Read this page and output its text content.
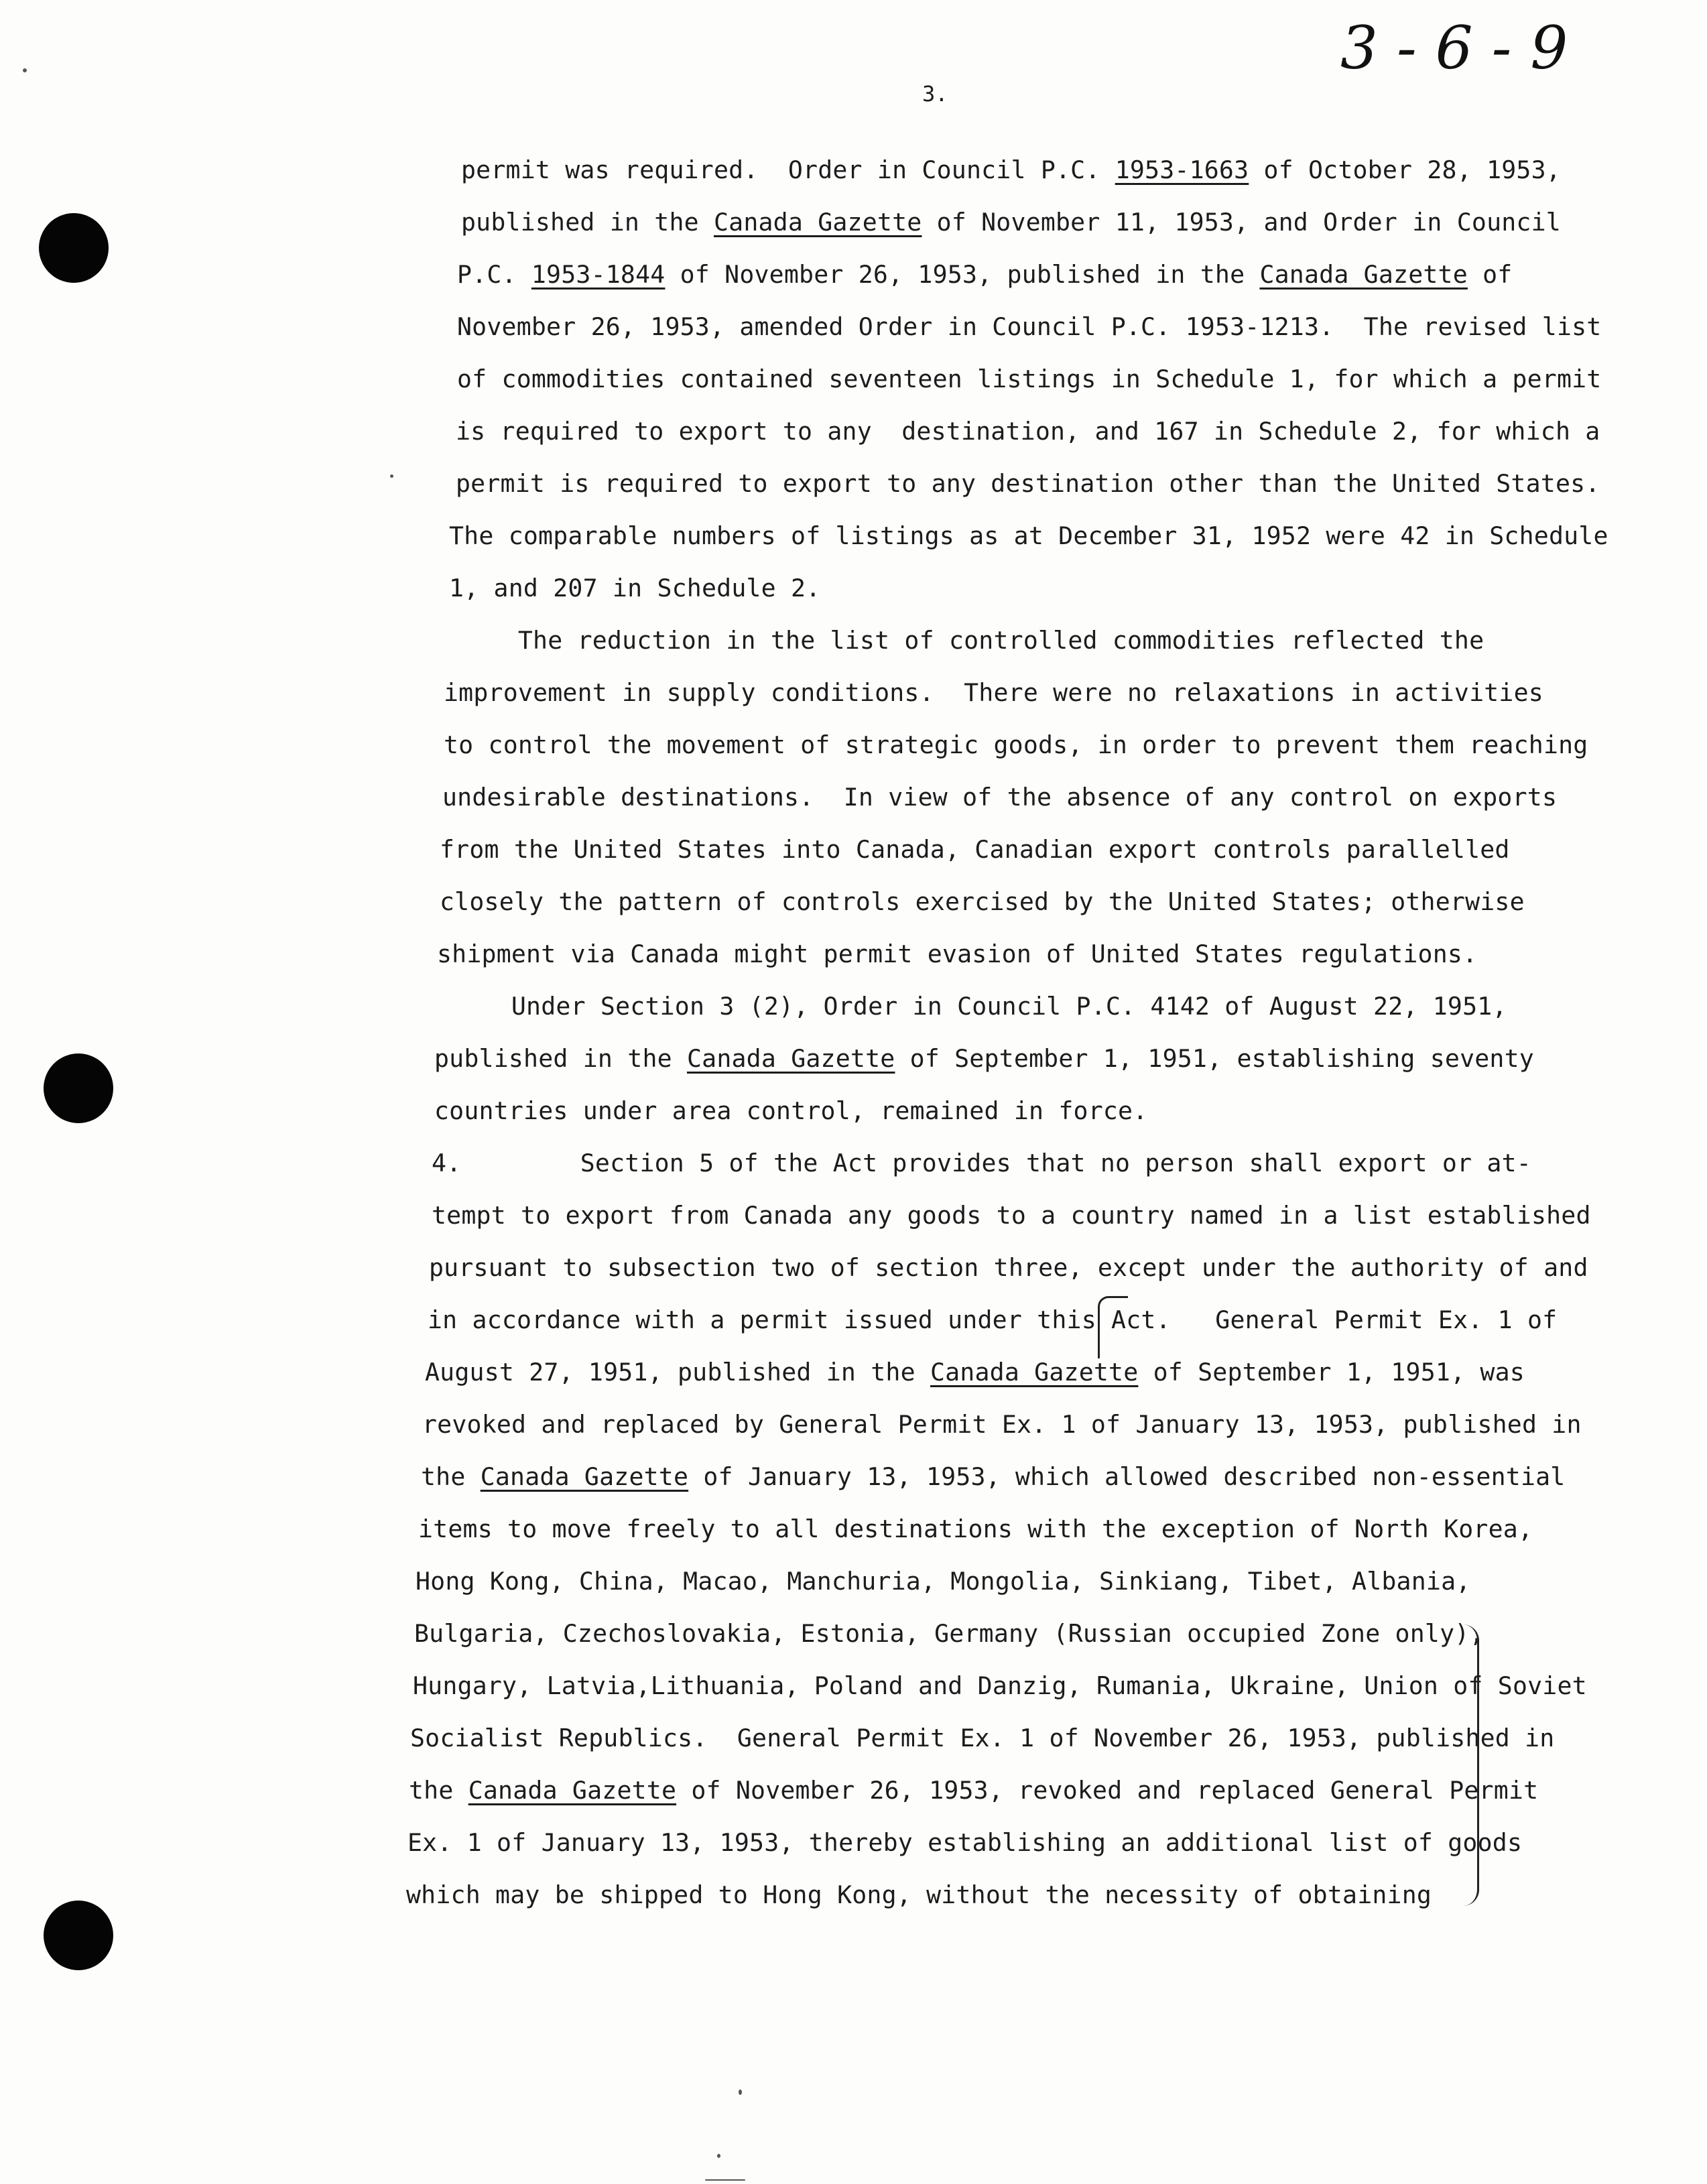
3 - 6 - 9
3.
permit was required.  Order in Council P.C. 1953-1663 of October 28, 1953,
published in the Canada Gazette of November 11, 1953, and Order in Council
P.C. 1953-1844 of November 26, 1953, published in the Canada Gazette of
November 26, 1953, amended Order in Council P.C. 1953-1213.  The revised list
of commodities contained seventeen listings in Schedule 1, for which a permit
is required to export to any  destination, and 167 in Schedule 2, for which a
permit is required to export to any destination other than the United States.
The comparable numbers of listings as at December 31, 1952 were 42 in Schedule
1, and 207 in Schedule 2.
The reduction in the list of controlled commodities reflected the
improvement in supply conditions.  There were no relaxations in activities
to control the movement of strategic goods, in order to prevent them reaching
undesirable destinations.  In view of the absence of any control on exports
from the United States into Canada, Canadian export controls parallelled
closely the pattern of controls exercised by the United States; otherwise
shipment via Canada might permit evasion of United States regulations.
Under Section 3 (2), Order in Council P.C. 4142 of August 22, 1951,
published in the Canada Gazette of September 1, 1951, establishing seventy
countries under area control, remained in force.
4.        Section 5 of the Act provides that no person shall export or at-
tempt to export from Canada any goods to a country named in a list established
pursuant to subsection two of section three, except under the authority of and
in accordance with a permit issued under this Act.   General Permit Ex. 1 of
August 27, 1951, published in the Canada Gazette of September 1, 1951, was
revoked and replaced by General Permit Ex. 1 of January 13, 1953, published in
the Canada Gazette of January 13, 1953, which allowed described non-essential
items to move freely to all destinations with the exception of North Korea,
Hong Kong, China, Macao, Manchuria, Mongolia, Sinkiang, Tibet, Albania,
Bulgaria, Czechoslovakia, Estonia, Germany (Russian occupied Zone only),
Hungary, Latvia,Lithuania, Poland and Danzig, Rumania, Ukraine, Union of Soviet
Socialist Republics.  General Permit Ex. 1 of November 26, 1953, published in
the Canada Gazette of November 26, 1953, revoked and replaced General Permit
Ex. 1 of January 13, 1953, thereby establishing an additional list of goods
which may be shipped to Hong Kong, without the necessity of obtaining
